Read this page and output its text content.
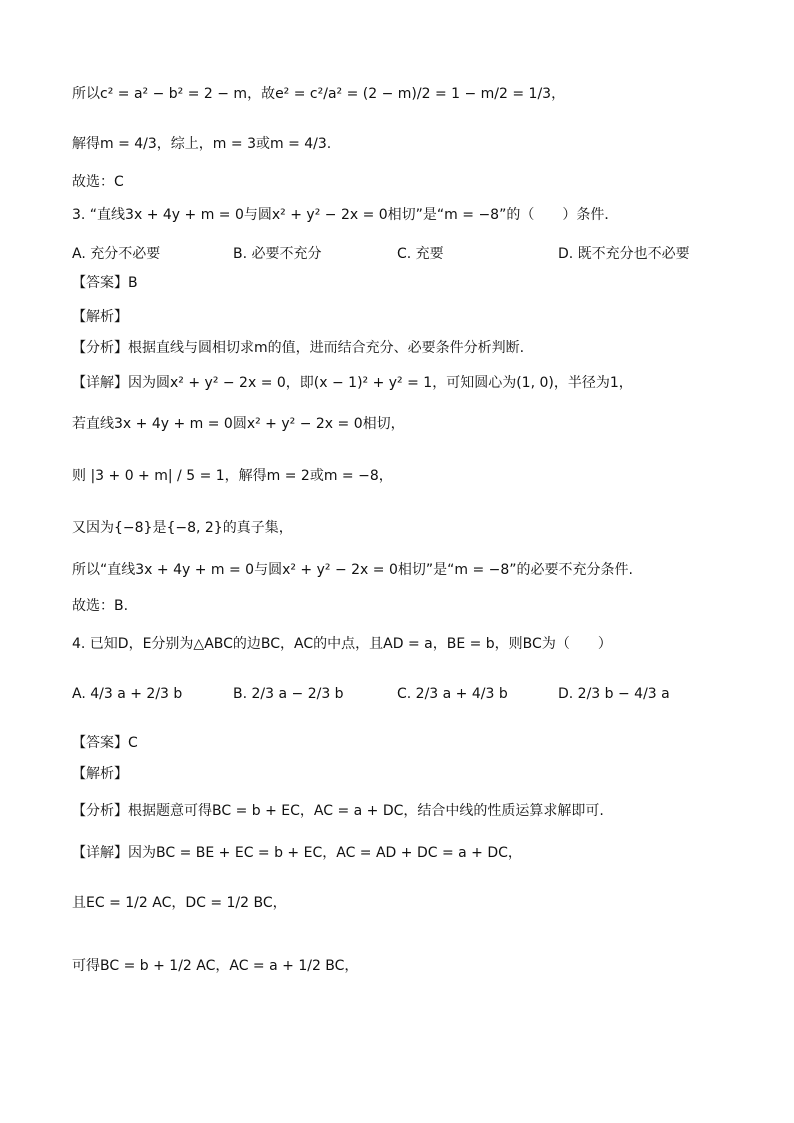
所以c² = a² − b² = 2 − m，故e² = c²/a² = (2 − m)/2 = 1 − m/2 = 1/3，
解得m = 4/3，综上，m = 3或m = 4/3.
故选：C
3. “直线3x + 4y + m = 0与圆x² + y² − 2x = 0相切”是“m = −8”的（　　）条件．
A. 充分不必要	B. 必要不充分	C. 充要	D. 既不充分也不必要
【答案】B
【解析】
【分析】根据直线与圆相切求m的值，进而结合充分、必要条件分析判断.
【详解】因为圆x² + y² − 2x = 0，即(x − 1)² + y² = 1，可知圆心为(1, 0)，半径为1，
若直线3x + 4y + m = 0圆x² + y² − 2x = 0相切，
则 |3 + 0 + m| / 5 = 1，解得m = 2或m = −8，
又因为{−8}是{−8, 2}的真子集，
所以“直线3x + 4y + m = 0与圆x² + y² − 2x = 0相切”是“m = −8”的必要不充分条件.
故选：B.
4. 已知D，E分别为△ABC的边BC，AC的中点，且AD = a，BE = b，则BC为（　　）
A. 4/3 a + 2/3 b	B. 2/3 a − 2/3 b	C. 2/3 a + 4/3 b	D. 2/3 b − 4/3 a
【答案】C
【解析】
【分析】根据题意可得BC = b + EC，AC = a + DC，结合中线的性质运算求解即可.
【详解】因为BC = BE + EC = b + EC，AC = AD + DC = a + DC，
且EC = 1/2 AC，DC = 1/2 BC，
可得BC = b + 1/2 AC，AC = a + 1/2 BC，
